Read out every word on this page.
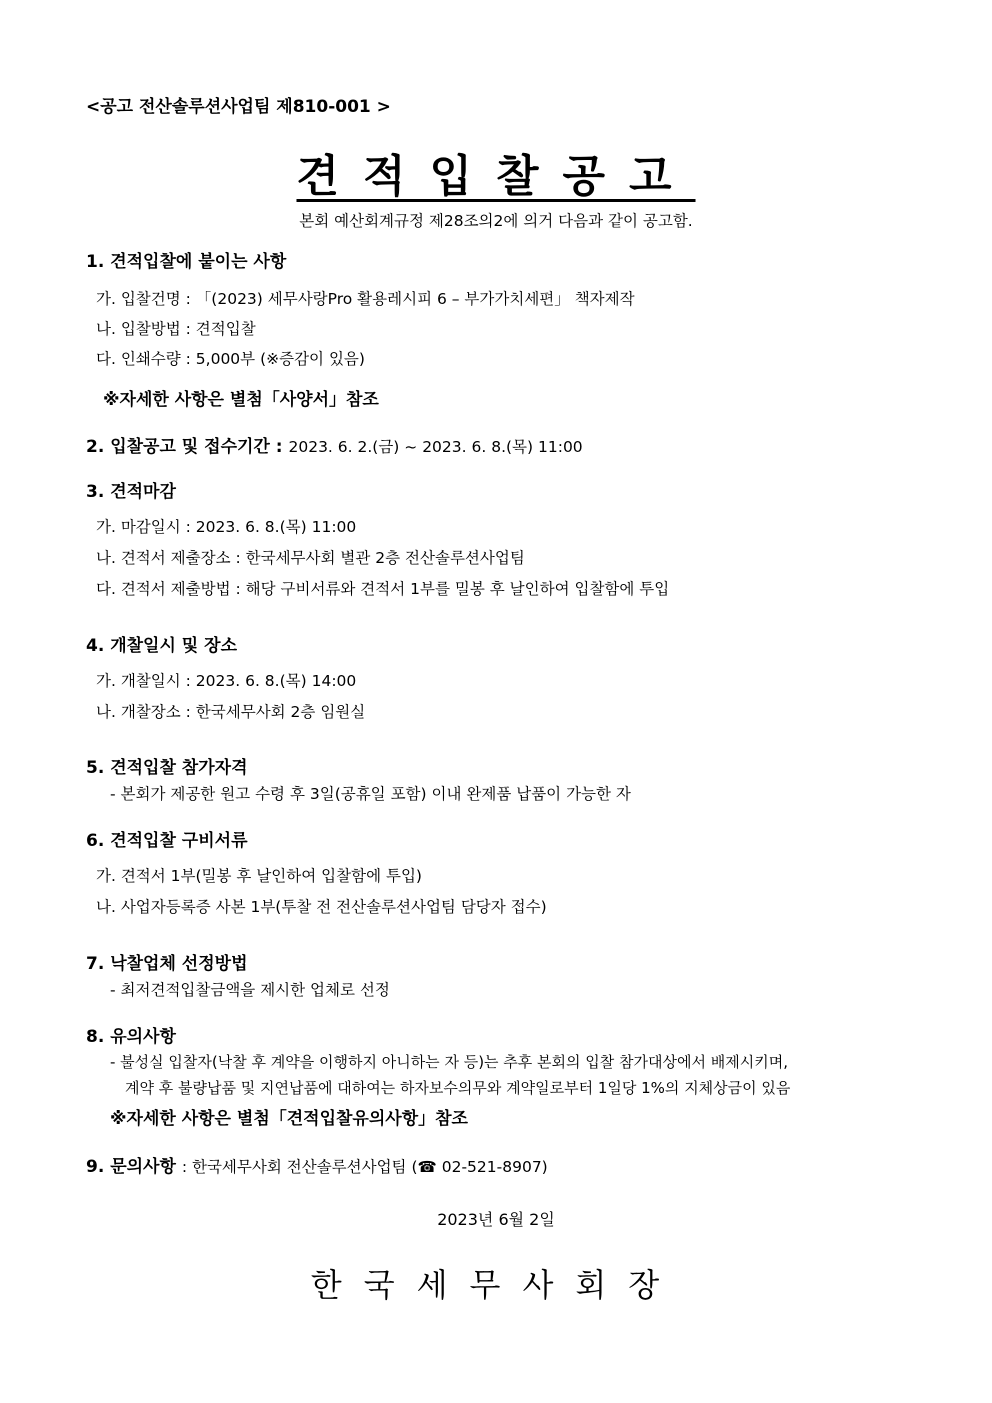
<공고 전산솔루션사업팀 제810-001 >
견적입찰공고
본회 예산회계규정 제28조의2에 의거 다음과 같이 공고함.
1. 견적입찰에 붙이는 사항
가. 입찰건명 : 「(2023) 세무사랑Pro 활용레시피 6 – 부가가치세편」 책자제작
나. 입찰방법 : 견적입찰
다. 인쇄수량 : 5,000부 (※증감이 있음)
※자세한 사항은 별첨「사양서」참조
2. 입찰공고 및 접수기간 : 2023. 6. 2.(금) ~ 2023. 6. 8.(목) 11:00
3. 견적마감
가. 마감일시 : 2023. 6. 8.(목) 11:00
나. 견적서 제출장소 : 한국세무사회 별관 2층 전산솔루션사업팀
다. 견적서 제출방법 : 해당 구비서류와 견적서 1부를 밀봉 후 날인하여 입찰함에 투입
4. 개찰일시 및 장소
가. 개찰일시 : 2023. 6. 8.(목) 14:00
나. 개찰장소 : 한국세무사회 2층 임원실
5. 견적입찰 참가자격
- 본회가 제공한 원고 수령 후 3일(공휴일 포함) 이내 완제품 납품이 가능한 자
6. 견적입찰 구비서류
가. 견적서 1부(밀봉 후 날인하여 입찰함에 투입)
나. 사업자등록증 사본 1부(투찰 전 전산솔루션사업팀 담당자 접수)
7. 낙찰업체 선정방법
- 최저견적입찰금액을 제시한 업체로 선정
8. 유의사항
- 불성실 입찰자(낙찰 후 계약을 이행하지 아니하는 자 등)는 추후 본회의 입찰 참가대상에서 배제시키며,
계약 후 불량납품 및 지연납품에 대하여는 하자보수의무와 계약일로부터 1일당 1%의 지체상금이 있음
※자세한 사항은 별첨「견적입찰유의사항」참조
9. 문의사항 : 한국세무사회 전산솔루션사업팀 (☎ 02-521-8907)
2023년 6월 2일
한국세무사회장
